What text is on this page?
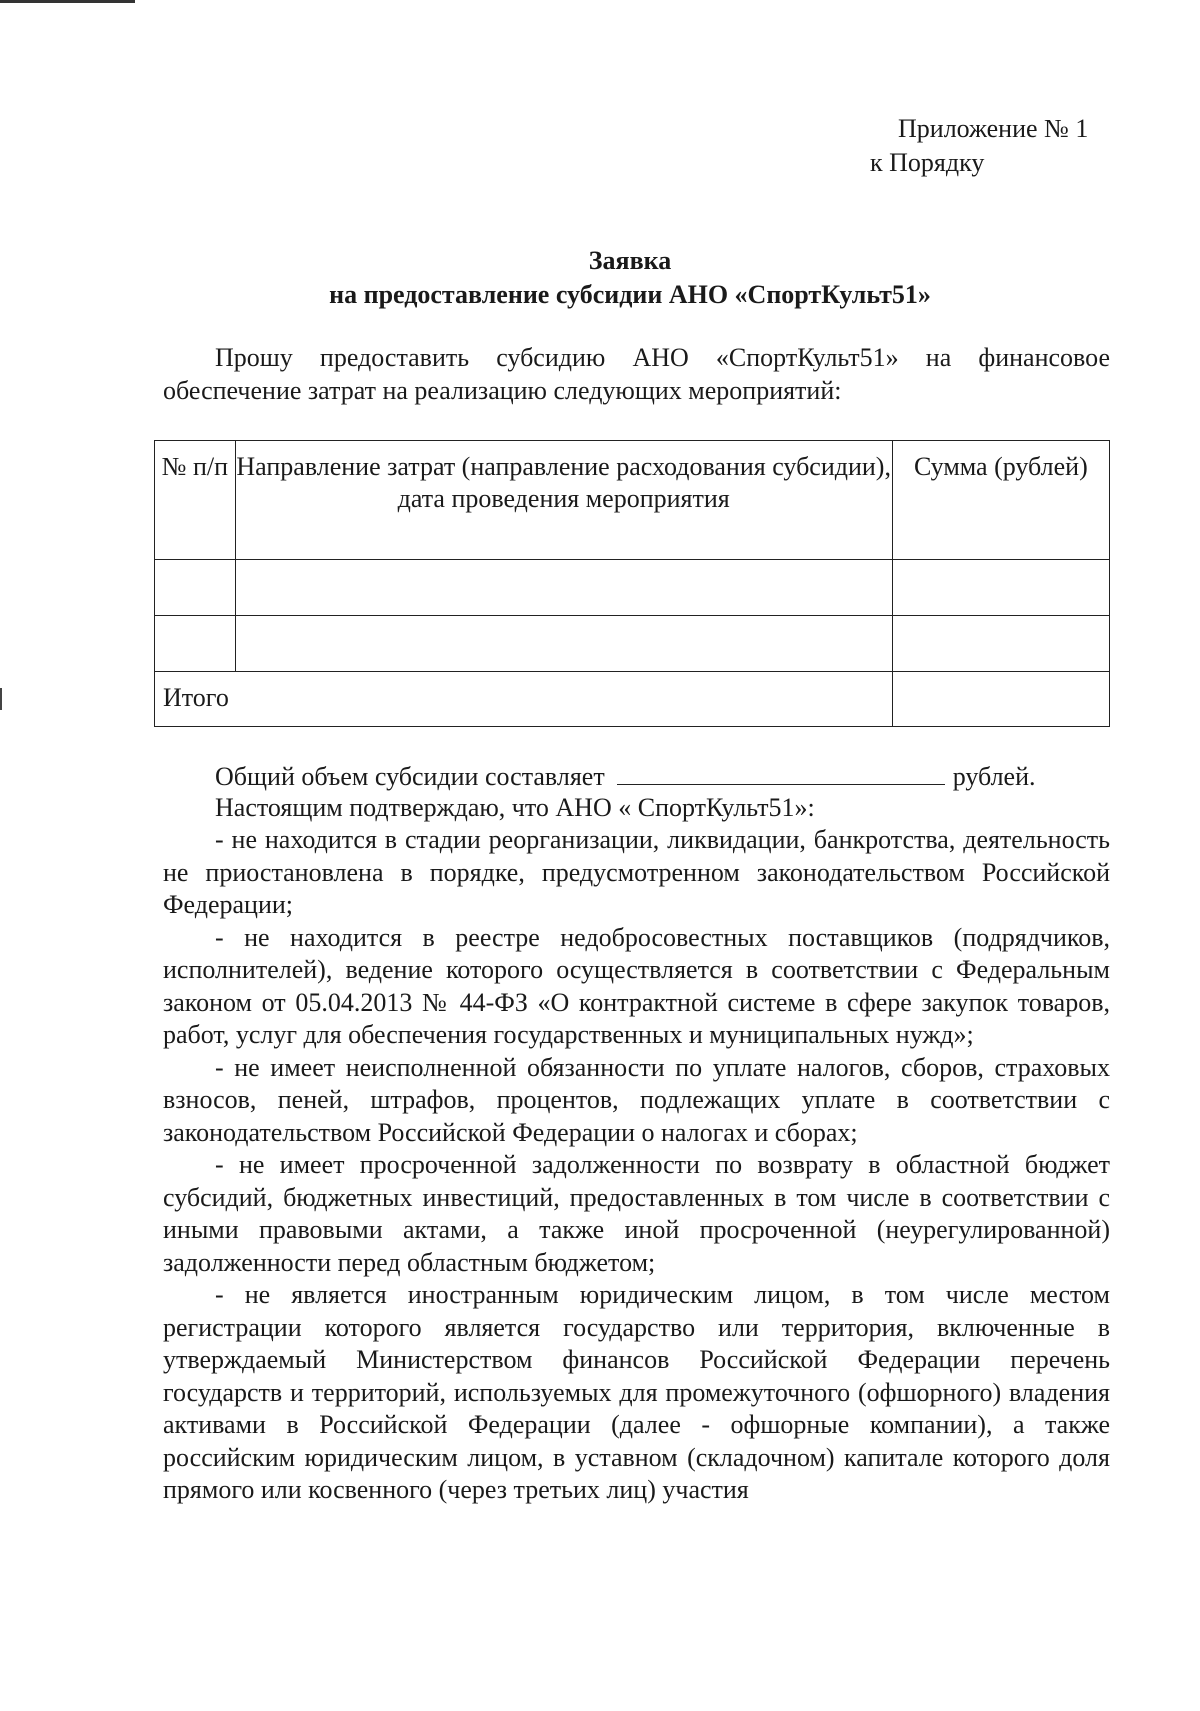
Приложение № 1
к Порядку
Заявка
на предоставление субсидии АНО «СпортКульт51»
Прошу предоставить субсидию АНО «СпортКульт51» на финансовое обеспечение затрат на реализацию следующих мероприятий:
№ п/п	Направление затрат (направление расходования субсидии), дата проведения мероприятия	Сумма (рублей)

Итого		
Общий объем субсидии составляет	рублей.
Настоящим подтверждаю, что АНО « СпортКульт51»:

- не находится в стадии реорганизации, ликвидации, банкротства, деятельность не приостановлена в порядке, предусмотренном законодательством Российской Федерации;

- не находится в реестре недобросовестных поставщиков (подрядчиков, исполнителей), ведение которого осуществляется в соответствии с Федеральным законом от 05.04.2013 № 44-ФЗ «О контрактной системе в сфере закупок товаров, работ, услуг для обеспечения государственных и муниципальных нужд»;

- не имеет неисполненной обязанности по уплате налогов, сборов, страховых взносов, пеней, штрафов, процентов, подлежащих уплате в соответствии с законодательством Российской Федерации о налогах и сборах;

- не имеет просроченной задолженности по возврату в областной бюджет субсидий, бюджетных инвестиций, предоставленных в том числе в соответствии с иными правовыми актами, а также иной просроченной (неурегулированной) задолженности перед областным бюджетом;

- не является иностранным юридическим лицом, в том числе местом регистрации которого является государство или территория, включенные в утверждаемый Министерством финансов Российской Федерации перечень государств и территорий, используемых для промежуточного (офшорного) владения активами в Российской Федерации (далее - офшорные компании), а также российским юридическим лицом, в уставном (складочном) капитале которого доля прямого или косвенного (через третьих лиц) участия
